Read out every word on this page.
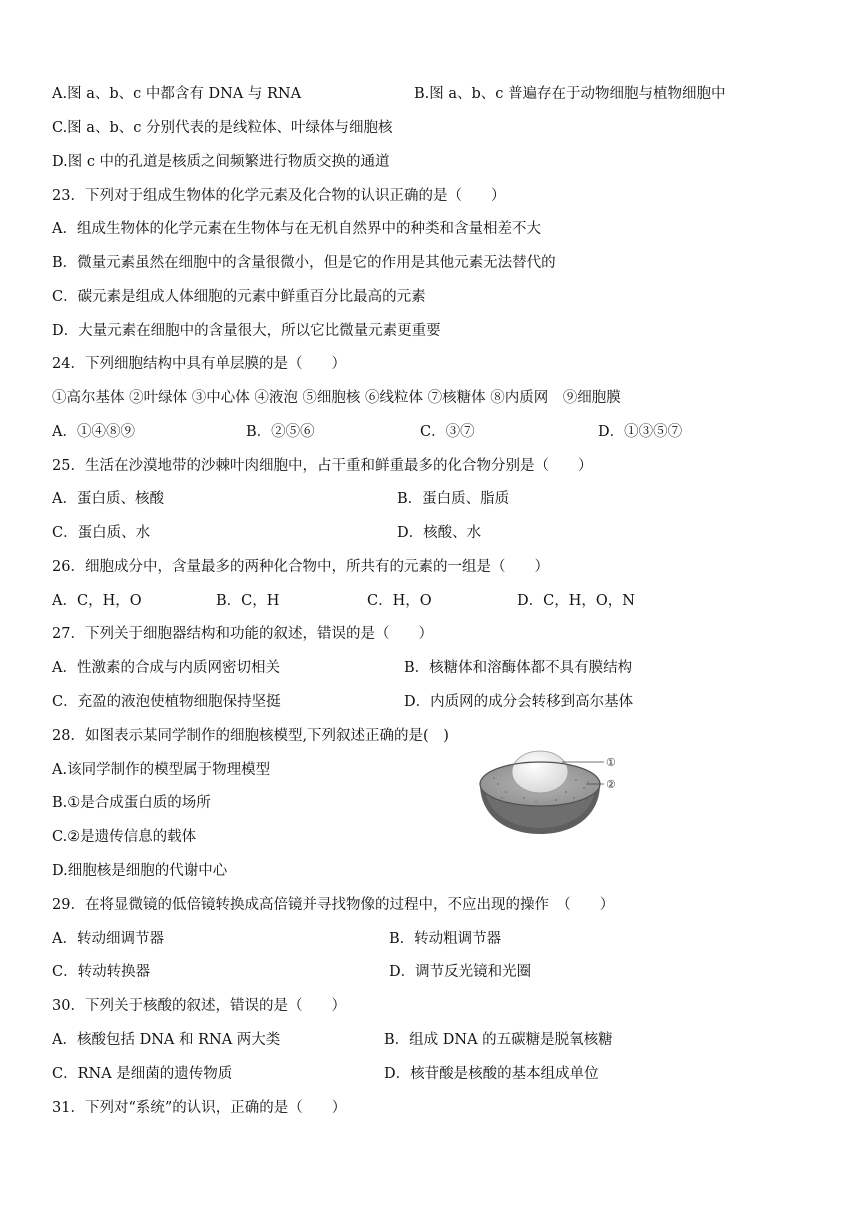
A.图 a、b、c 中都含有 DNA 与 RNA	B.图 a、b、c 普遍存在于动物细胞与植物细胞中
C.图 a、b、c 分别代表的是线粒体、叶绿体与细胞核
D.图 c 中的孔道是核质之间频繁进行物质交换的通道
23．下列对于组成生物体的化学元素及化合物的认识正确的是（　　）
A．组成生物体的化学元素在生物体与在无机自然界中的种类和含量相差不大
B．微量元素虽然在细胞中的含量很微小，但是它的作用是其他元素无法替代的
C．碳元素是组成人体细胞的元素中鲜重百分比最高的元素
D．大量元素在细胞中的含量很大，所以它比微量元素更重要
24．下列细胞结构中具有单层膜的是（　　）
①高尔基体 ②叶绿体 ③中心体 ④液泡 ⑤细胞核 ⑥线粒体 ⑦核糖体 ⑧内质网　⑨细胞膜
A．①④⑧⑨	B．②⑤⑥	C．③⑦	D．①③⑤⑦
25．生活在沙漠地带的沙棘叶肉细胞中，占干重和鲜重最多的化合物分别是（　　）
A．蛋白质、核酸	B．蛋白质、脂质
C．蛋白质、水	D．核酸、水
26．细胞成分中，含量最多的两种化合物中，所共有的元素的一组是（　　）
A．C，H，O	B．C，H	C．H，O	D．C，H，O，N
27．下列关于细胞器结构和功能的叙述，错误的是（　　）
A．性激素的合成与内质网密切相关	B．核糖体和溶酶体都不具有膜结构
C．充盈的液泡使植物细胞保持坚挺	D．内质网的成分会转移到高尔基体
28．如图表示某同学制作的细胞核模型,下列叙述正确的是(　)
A.该同学制作的模型属于物理模型
B.①是合成蛋白质的场所
C.②是遗传信息的载体
D.细胞核是细胞的代谢中心
①
②
29．在将显微镜的低倍镜转换成高倍镜并寻找物像的过程中，不应出现的操作　（　　）
A．转动细调节器	B．转动粗调节器
C．转动转换器	D．调节反光镜和光圈
30．下列关于核酸的叙述，错误的是（　　）
A．核酸包括 DNA 和 RNA 两大类	B．组成 DNA 的五碳糖是脱氧核糖
C．RNA 是细菌的遗传物质	D．核苷酸是核酸的基本组成单位
31．下列对“系统”的认识，正确的是（　　）
